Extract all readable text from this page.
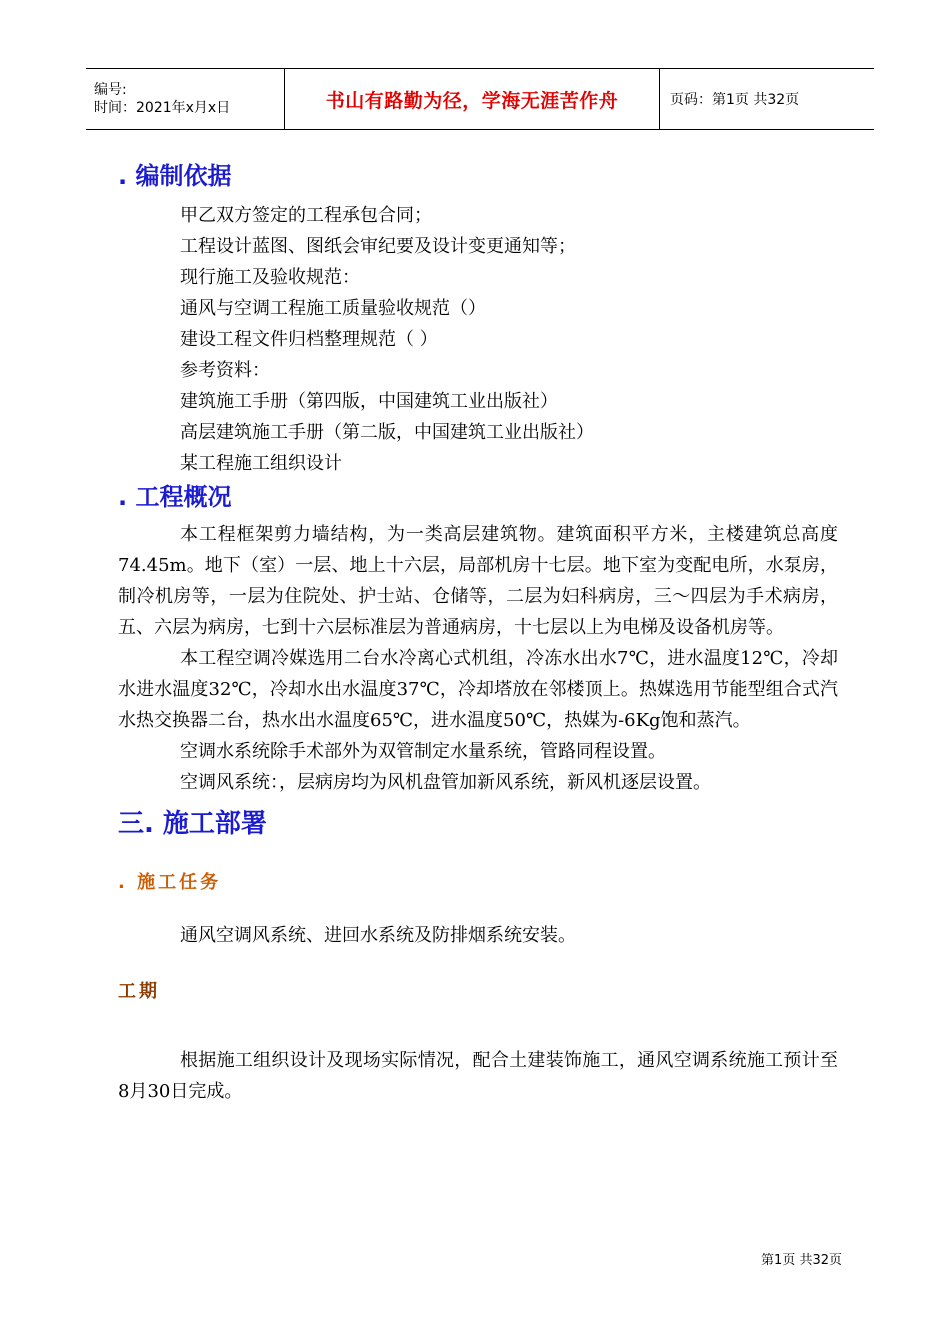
编号:
时间：2021年x月x日	书山有路勤为径，学海无涯苦作舟	页码：第1页 共32页
. 编制依据

甲乙双方签定的工程承包合同；

工程设计蓝图、图纸会审纪要及设计变更通知等；

现行施工及验收规范：

通风与空调工程施工质量验收规范（）

建设工程文件归档整理规范（ ）

参考资料：

建筑施工手册（第四版，中国建筑工业出版社）

高层建筑施工手册（第二版，中国建筑工业出版社）

某工程施工组织设计

. 工程概况

本工程框架剪力墙结构，为一类高层建筑物。建筑面积平方米，主楼建筑总高度74.45m。地下（室）一层、地上十六层，局部机房十七层。地下室为变配电所，水泵房，制冷机房等，一层为住院处、护士站、仓储等，二层为妇科病房，三～四层为手术病房，五、六层为病房，七到十六层标准层为普通病房，十七层以上为电梯及设备机房等。

本工程空调冷媒选用二台水冷离心式机组，冷冻水出水7℃，进水温度12℃，冷却水进水温度32℃，冷却水出水温度37℃，冷却塔放在邻楼顶上。热媒选用节能型组合式汽水热交换器二台，热水出水温度65℃，进水温度50℃，热媒为-6Kg饱和蒸汽。

空调水系统除手术部外为双管制定水量系统，管路同程设置。

空调风系统：，层病房均为风机盘管加新风系统，新风机逐层设置。

三. 施工部署
. 施工任务

通风空调风系统、进回水系统及防排烟系统安装。

工期

根据施工组织设计及现场实际情况，配合土建装饰施工，通风空调系统施工预计至8月30日完成。

第1页 共32页
